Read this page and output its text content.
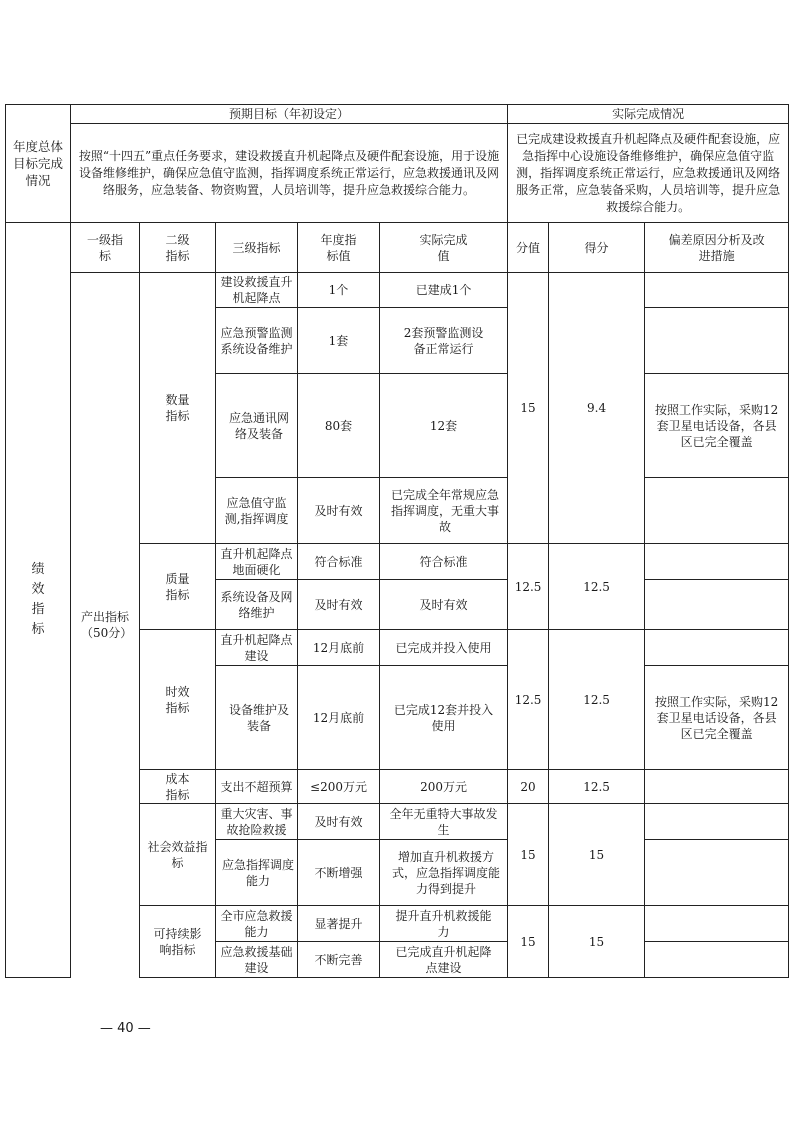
年度总体目标完成情况	预期目标（年初设定）					实际完成情况		
	按照“十四五”重点任务要求，建设救援直升机起降点及硬件配套设施，用于设施设备维修维护，确保应急值守监测，指挥调度系统正常运行，应急救援通讯及网络服务，应急装备、物资购置，人员培训等，提升应急救援综合能力。					已完成建设救援直升机起降点及硬件配套设施，应急指挥中心设施设备维修维护，确保应急值守监测，指挥调度系统正常运行，应急救援通讯及网络服务正常，应急装备采购，人员培训等，提升应急救援综合能力。		
绩效指标	一级指标	二级指标	三级指标	年度指标值	实际完成值	分值	得分	偏差原因分析及改进措施
	产出指标（50分）	数量指标	建设救援直升机起降点	1个	已建成1个	15	9.4	
			应急预警监测系统设备维护	1套	2套预警监测设备正常运行			
			应急通讯网络及装备	80套	12套			按照工作实际，采购12套卫星电话设备，各县区已完全覆盖
			应急值守监测,指挥调度	及时有效	已完成全年常规应急指挥调度，无重大事故			
		质量指标	直升机起降点地面硬化	符合标准	符合标准	12.5	12.5	
			系统设备及网络维护	及时有效	及时有效			
		时效指标	直升机起降点建设	12月底前	已完成并投入使用	12.5	12.5	
			设备维护及装备	12月底前	已完成12套并投入使用			按照工作实际，采购12套卫星电话设备，各县区已完全覆盖
		成本指标	支出不超预算	≤200万元	200万元	20	12.5	
		社会效益指标	重大灾害、事故抢险救援	及时有效	全年无重特大事故发生	15	15	
			应急指挥调度能力	不断增强	增加直升机救援方式，应急指挥调度能力得到提升			
		可持续影响指标	全市应急救援能力	显著提升	提升直升机救援能力	15	15	
			应急救援基础建设	不断完善	已完成直升机起降点建设			
— 40 —
